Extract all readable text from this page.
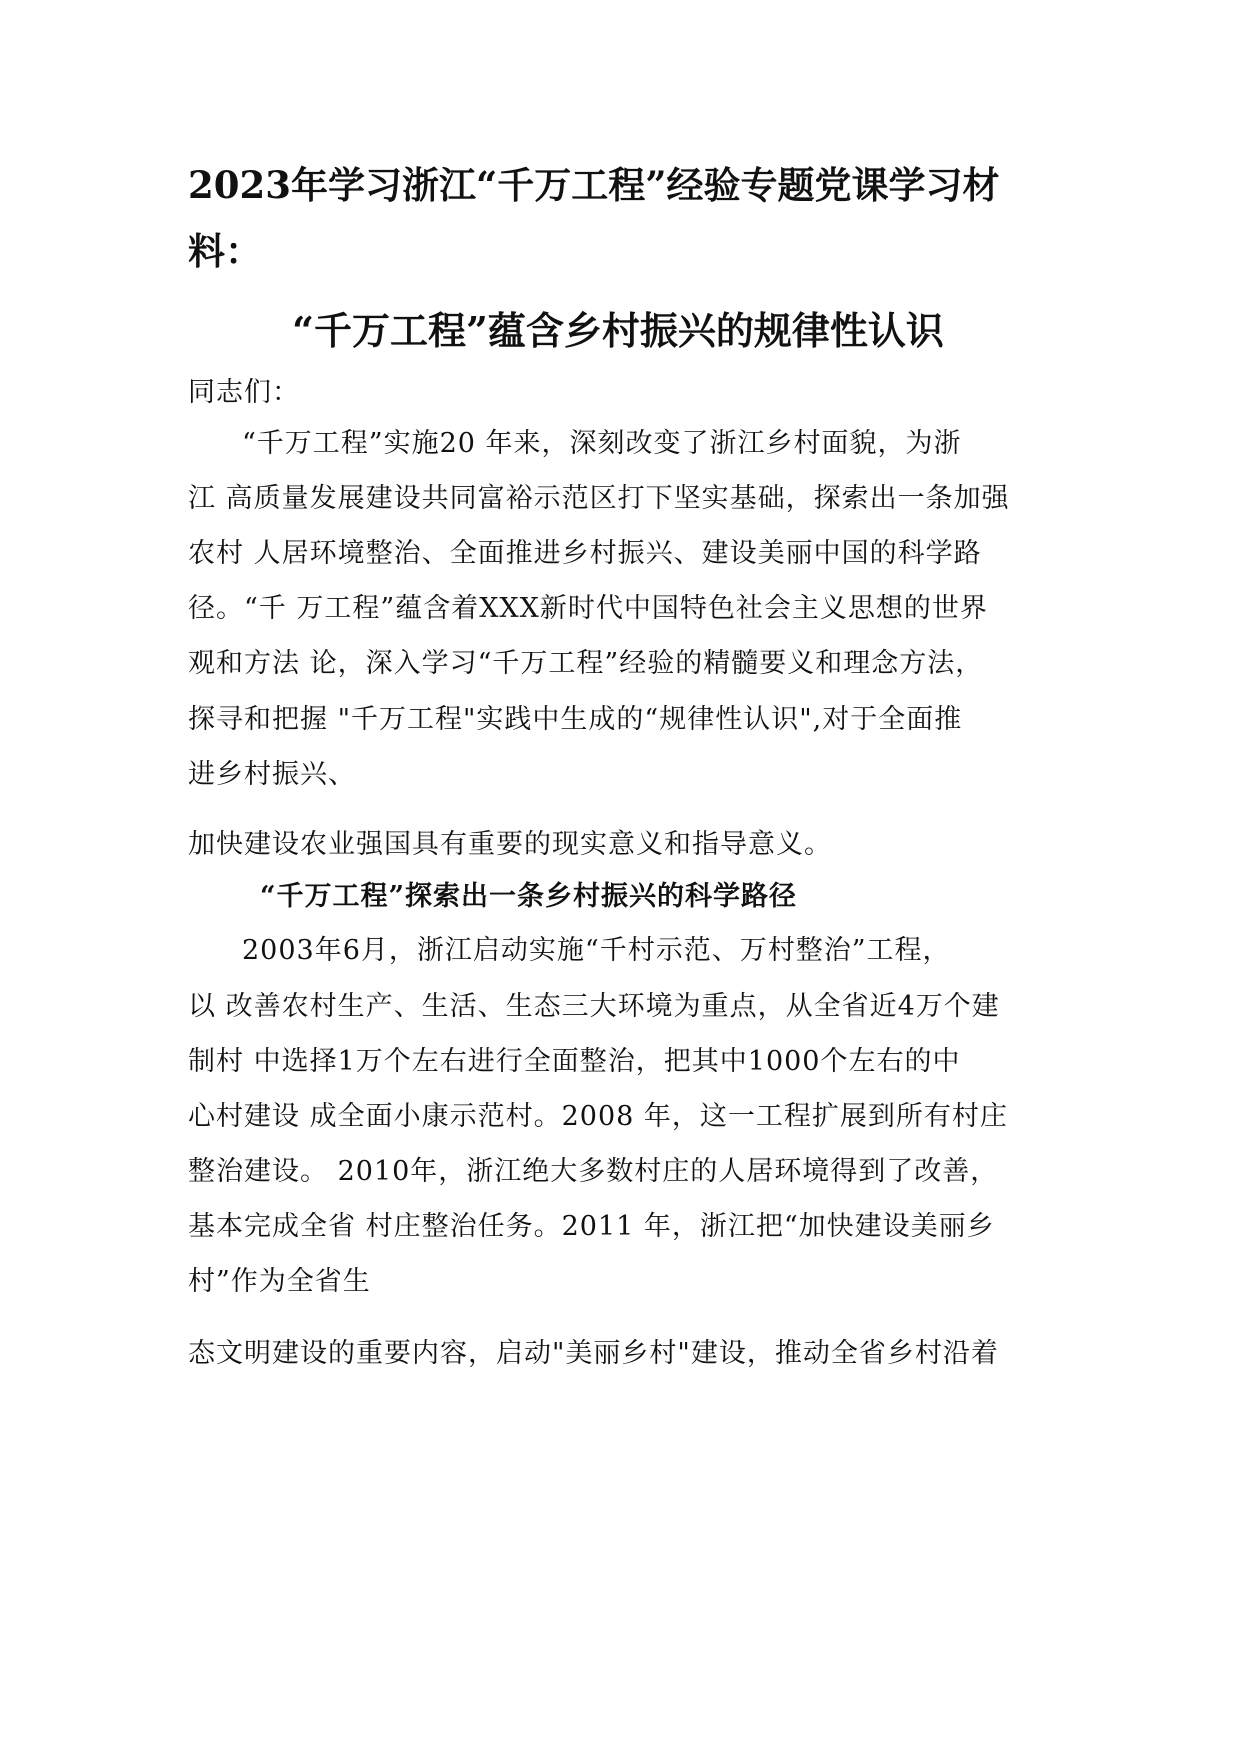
2023年学习浙江“千万工程”经验专题党课学习材料：
“千万工程”蕴含乡村振兴的规律性认识
同志们：
“千万工程”实施20 年来，深刻改变了浙江乡村面貌，为浙
江 高质量发展建设共同富裕示范区打下坚实基础，探索出一条加强
农村 人居环境整治、全面推进乡村振兴、建设美丽中国的科学路
径。“千 万工程”蕴含着XXX新时代中国特色社会主义思想的世界
观和方法 论，深入学习“千万工程”经验的精髓要义和理念方法，
探寻和把握 "千万工程"实践中生成的“规律性认识",对于全面推
进乡村振兴、
加快建设农业强国具有重要的现实意义和指导意义。
“千万工程”探索出一条乡村振兴的科学路径
2003年6月，浙江启动实施“千村示范、万村整治”工程，
以 改善农村生产、生活、生态三大环境为重点，从全省近4万个建
制村 中选择1万个左右进行全面整治，把其中1000个左右的中
心村建设 成全面小康示范村。2008 年，这一工程扩展到所有村庄
整治建设。 2010年，浙江绝大多数村庄的人居环境得到了改善，
基本完成全省 村庄整治任务。2011 年，浙江把“加快建设美丽乡
村”作为全省生
态文明建设的重要内容，启动"美丽乡村"建设，推动全省乡村沿着
